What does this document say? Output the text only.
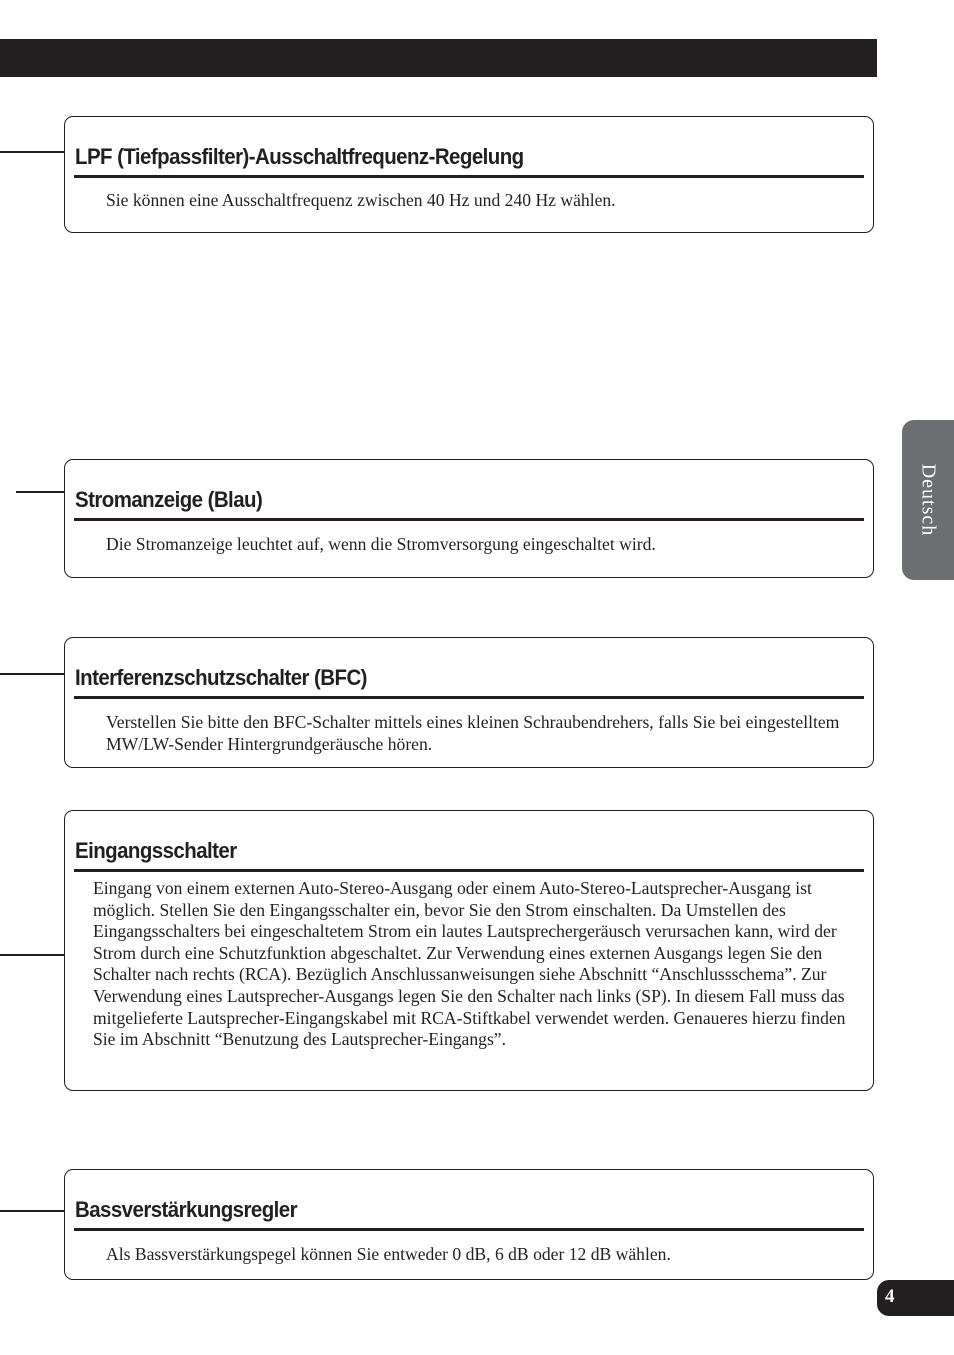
LPF (Tiefpassfilter)-Ausschaltfrequenz-Regelung
Sie können eine Ausschaltfrequenz zwischen 40 Hz und 240 Hz wählen.
Stromanzeige (Blau)
Die Stromanzeige leuchtet auf, wenn die Stromversorgung eingeschaltet wird.
Interferenzschutzschalter (BFC)
Verstellen Sie bitte den BFC-Schalter mittels eines kleinen Schraubendrehers, falls Sie bei eingestelltem MW/LW-Sender Hintergrundgeräusche hören.
Eingangsschalter
Eingang von einem externen Auto-Stereo-Ausgang oder einem Auto-Stereo-Lautsprecher-Ausgang ist möglich. Stellen Sie den Eingangsschalter ein, bevor Sie den Strom einschalten. Da Umstellen des Eingangsschalters bei eingeschaltetem Strom ein lautes Lautsprechergeräusch verursachen kann, wird der Strom durch eine Schutzfunktion abgeschaltet. Zur Verwendung eines externen Ausgangs legen Sie den Schalter nach rechts (RCA). Bezüglich Anschlussanweisungen siehe Abschnitt “Anschlussschema”. Zur Verwendung eines Lautsprecher-Ausgangs legen Sie den Schalter nach links (SP). In diesem Fall muss das mitgelieferte Lautsprecher-Eingangskabel mit RCA-Stiftkabel verwendet werden. Genaueres hierzu finden Sie im Abschnitt “Benutzung des Lautsprecher-Eingangs”.
Bassverstärkungsregler
Als Bassverstärkungspegel können Sie entweder 0 dB, 6 dB oder 12 dB wählen.
Deutsch
4
